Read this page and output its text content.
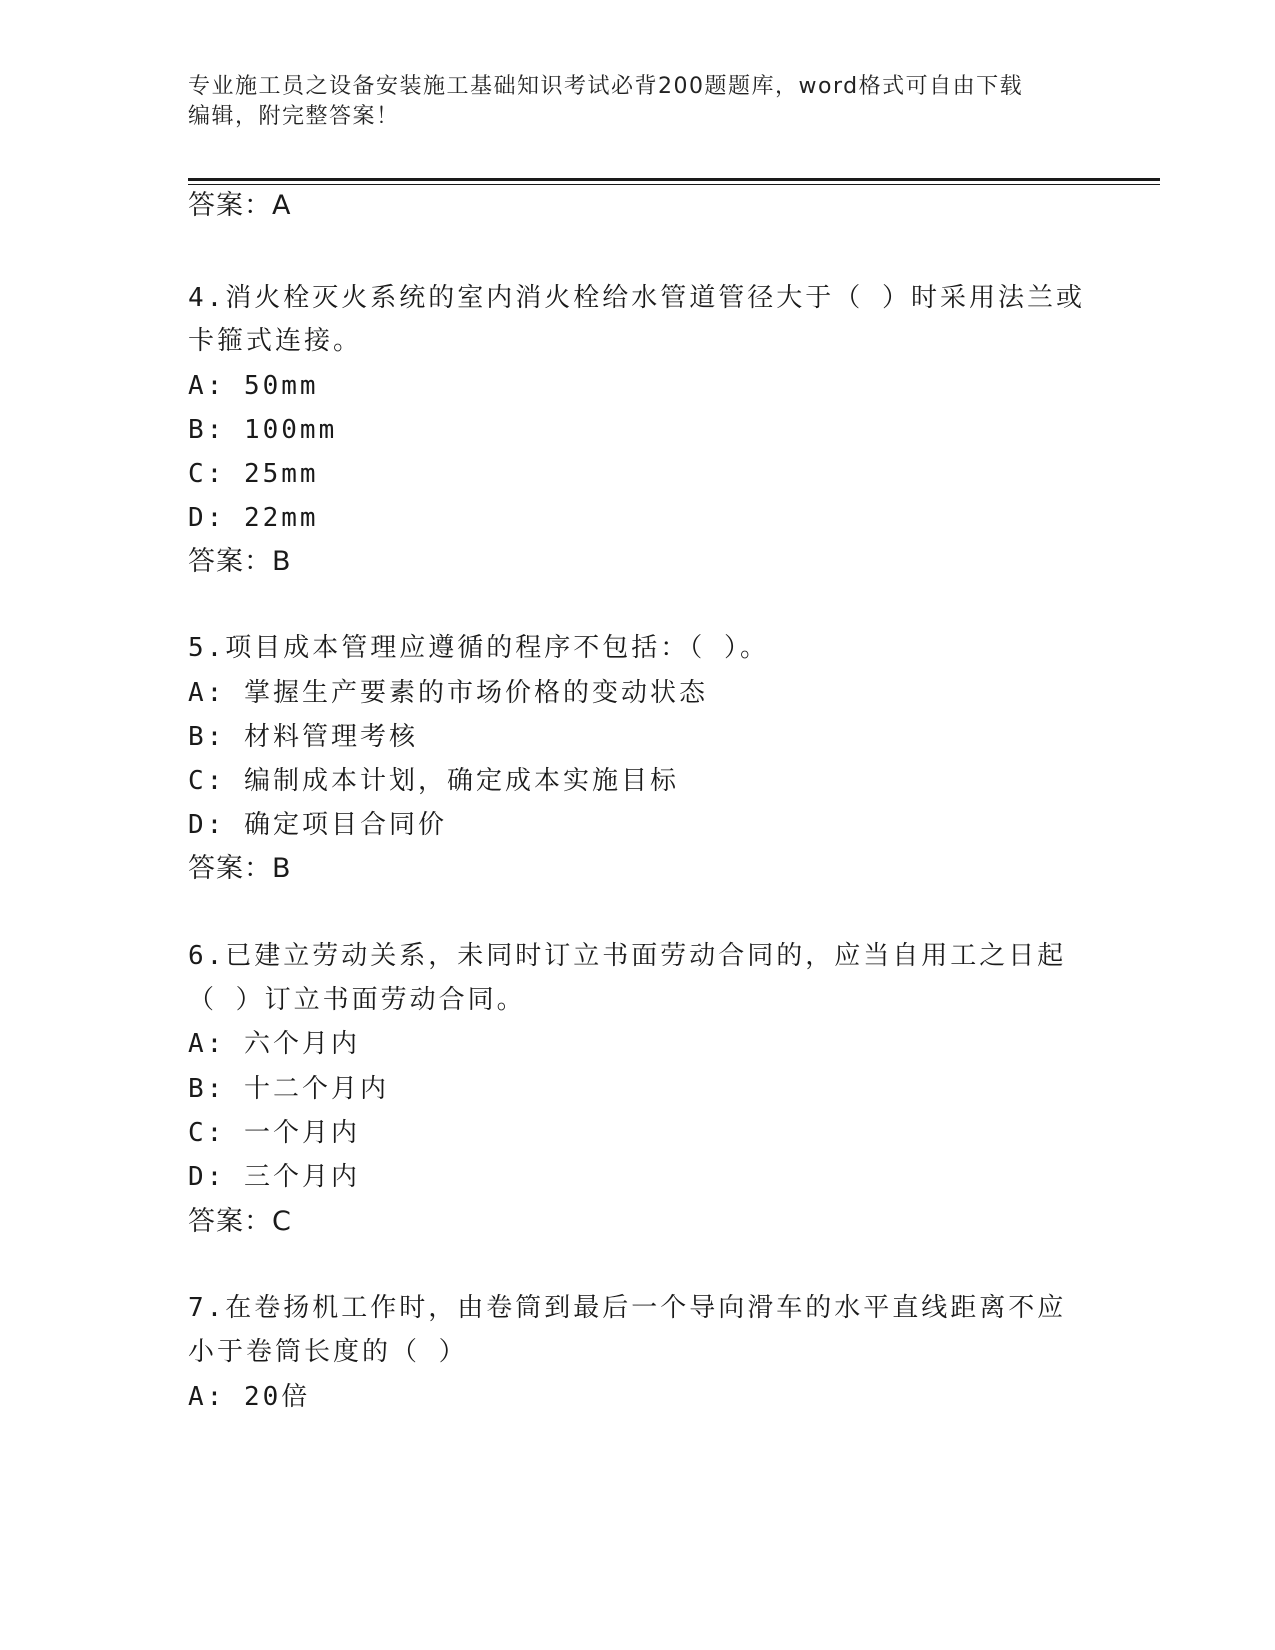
专业施工员之设备安装施工基础知识考试必背200题题库，word格式可自由下载
编辑，附完整答案！
答案：A
4.消火栓灭火系统的室内消火栓给水管道管径大于（ ）时采用法兰或
卡箍式连接。
A: 50mm
B: 100mm
C: 25mm
D: 22mm
答案：B
5.项目成本管理应遵循的程序不包括：（ ）。
A: 掌握生产要素的市场价格的变动状态
B: 材料管理考核
C: 编制成本计划，确定成本实施目标
D: 确定项目合同价
答案：B
6.已建立劳动关系，未同时订立书面劳动合同的，应当自用工之日起
（ ）订立书面劳动合同。
A: 六个月内
B: 十二个月内
C: 一个月内
D: 三个月内
答案：C
7.在卷扬机工作时，由卷筒到最后一个导向滑车的水平直线距离不应
小于卷筒长度的（ ）
A: 20倍
